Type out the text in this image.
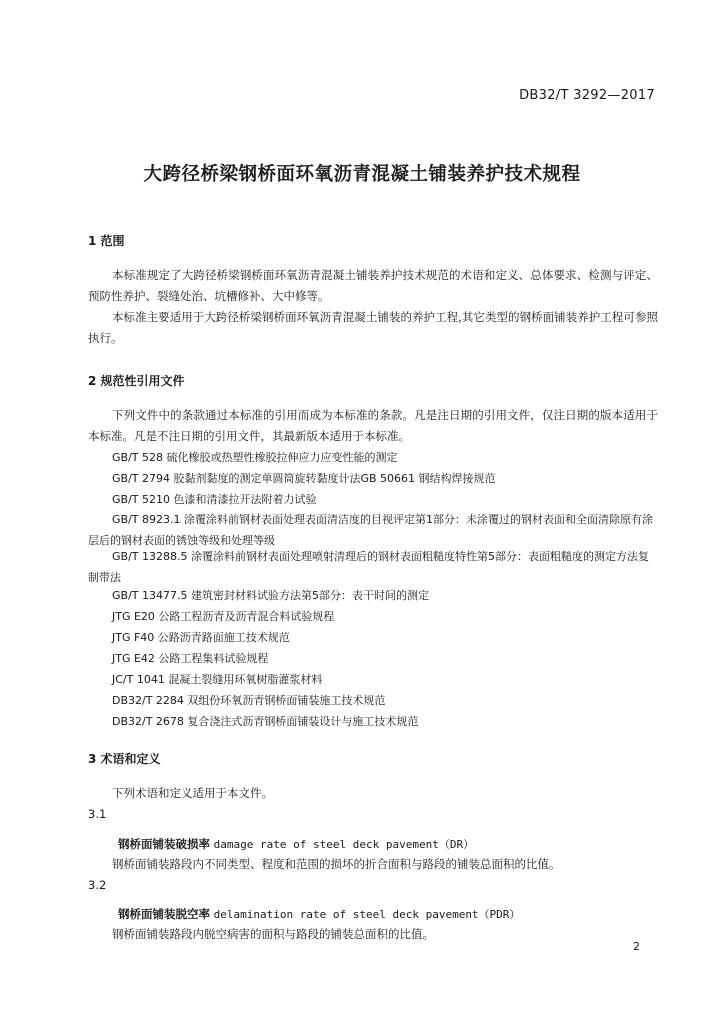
DB32/T 3292—2017
大跨径桥梁钢桥面环氧沥青混凝土铺装养护技术规程
1 范围
本标准规定了大跨径桥梁钢桥面环氧沥青混凝土铺装养护技术规范的术语和定义、总体要求、检测与评定、预防性养护、裂缝处治、坑槽修补、大中修等。
本标准主要适用于大跨径桥梁钢桥面环氧沥青混凝土铺装的养护工程,其它类型的钢桥面铺装养护工程可参照执行。
2 规范性引用文件
下列文件中的条款通过本标准的引用而成为本标准的条款。凡是注日期的引用文件，仅注日期的版本适用于本标准。凡是不注日期的引用文件，其最新版本适用于本标准。
GB/T 528 硫化橡胶或热塑性橡胶拉伸应力应变性能的测定
GB/T 2794 胶黏剂黏度的测定单圆筒旋转黏度计法GB 50661 钢结构焊接规范
GB/T 5210 色漆和清漆拉开法附着力试验
GB/T 8923.1 涂覆涂料前钢材表面处理表面清洁度的目视评定第1部分：未涂覆过的钢材表面和全面清除原有涂层后的钢材表面的锈蚀等级和处理等级
GB/T 13288.5 涂覆涂料前钢材表面处理喷射清理后的钢材表面粗糙度特性第5部分：表面粗糙度的测定方法复制带法
GB/T 13477.5 建筑密封材料试验方法第5部分：表干时间的测定
JTG E20 公路工程沥青及沥青混合料试验规程
JTG F40 公路沥青路面施工技术规范
JTG E42 公路工程集料试验规程
JC/T 1041 混凝土裂缝用环氧树脂灌浆材料
DB32/T 2284 双组份环氧沥青钢桥面铺装施工技术规范
DB32/T 2678 复合浇注式沥青钢桥面铺装设计与施工技术规范
3 术语和定义
下列术语和定义适用于本文件。
3.1
钢桥面铺装破损率 damage rate of steel deck pavement（DR）
钢桥面铺装路段内不同类型、程度和范围的损坏的折合面积与路段的铺装总面积的比值。
3.2
钢桥面铺装脱空率 delamination rate of steel deck pavement（PDR）
钢桥面铺装路段内脱空病害的面积与路段的铺装总面积的比值。
2
